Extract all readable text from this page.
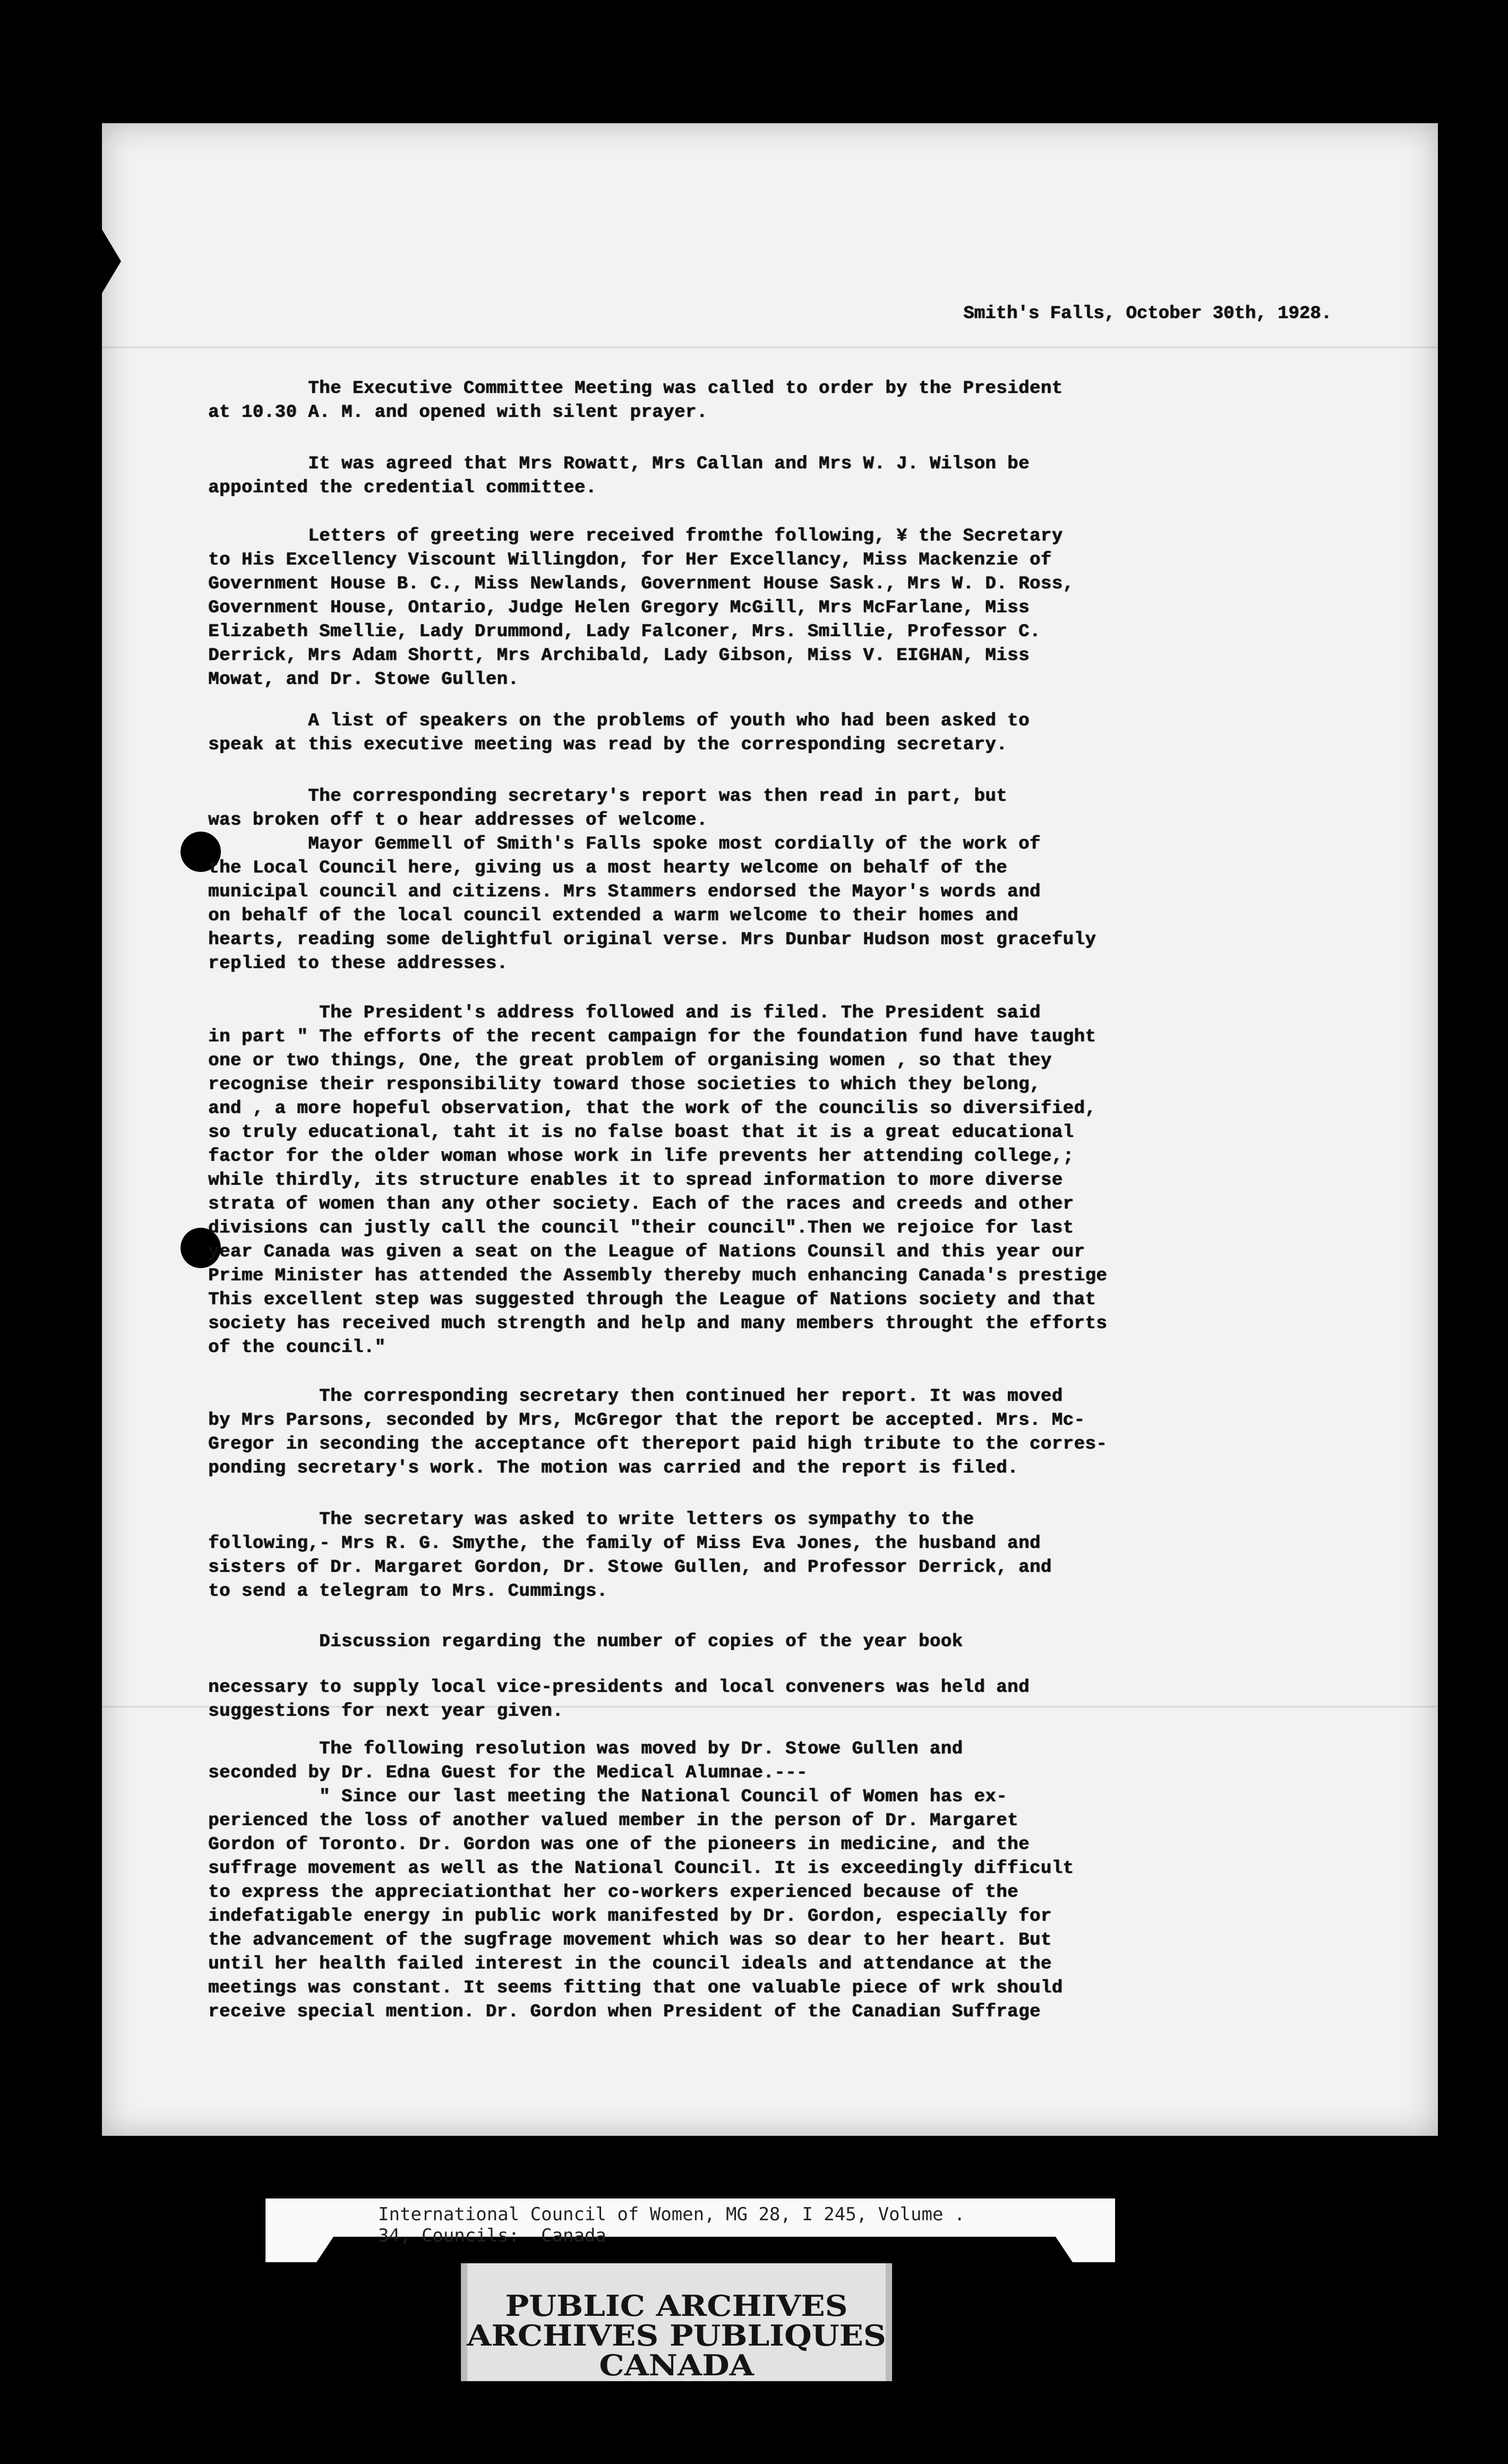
Smith's Falls, October 30th, 1928.
The Executive Committee Meeting was called to order by the President
at 10.30 A. M. and opened with silent prayer.
It was agreed that Mrs Rowatt, Mrs Callan and Mrs W. J. Wilson be
appointed the credential committee.
Letters of greeting were received fromthe following, ¥ the Secretary
to His Excellency Viscount Willingdon, for Her Excellancy, Miss Mackenzie of
Government House B. C., Miss Newlands, Government House Sask., Mrs W. D. Ross,
Government House, Ontario, Judge Helen Gregory McGill, Mrs McFarlane, Miss
Elizabeth Smellie, Lady Drummond, Lady Falconer, Mrs. Smillie, Professor C.
Derrick, Mrs Adam Shortt, Mrs Archibald, Lady Gibson, Miss V. EIGHAN, Miss
Mowat, and Dr. Stowe Gullen.
A list of speakers on the problems of youth who had been asked to
speak at this executive meeting was read by the corresponding secretary.
The corresponding secretary's report was then read in part, but
was broken off t o hear addresses of welcome.
Mayor Gemmell of Smith's Falls spoke most cordially of the work of
the Local Council here, giving us a most hearty welcome on behalf of the
municipal council and citizens. Mrs Stammers endorsed the Mayor's words and
on behalf of the local council extended a warm welcome to their homes and
hearts, reading some delightful original verse. Mrs Dunbar Hudson most gracefuly
replied to these addresses.
The President's address followed and is filed. The President said
in part " The efforts of the recent campaign for the foundation fund have taught
one or two things, One, the great problem of organising women , so that they
recognise their responsibility toward those societies to which they belong,
and , a more hopeful observation, that the work of the councilis so diversified,
so truly educational, taht it is no false boast that it is a great educational
factor for the older woman whose work in life prevents her attending college,;
while thirdly, its structure enables it to spread information to more diverse
strata of women than any other society. Each of the races and creeds and other
divisions can justly call the council "their council".Then we rejoice for last
year Canada was given a seat on the League of Nations Counsil and this year our
Prime Minister has attended the Assembly thereby much enhancing Canada's prestige
This excellent step was suggested through the League of Nations society and that
society has received much strength and help and many members throught the efforts
of the council."
The corresponding secretary then continued her report. It was moved
by Mrs Parsons, seconded by Mrs, McGregor that the report be accepted. Mrs. Mc-
Gregor in seconding the acceptance oft thereport paid high tribute to the corres-
ponding secretary's work. The motion was carried and the report is filed.
The secretary was asked to write letters os sympathy to the
following,- Mrs R. G. Smythe, the family of Miss Eva Jones, the husband and
sisters of Dr. Margaret Gordon, Dr. Stowe Gullen, and Professor Derrick, and
to send a telegram to Mrs. Cummings.
Discussion regarding the number of copies of the year book
necessary to supply local vice-presidents and local conveners was held and
suggestions for next year given.
The following resolution was moved by Dr. Stowe Gullen and
seconded by Dr. Edna Guest for the Medical Alumnae.---
" Since our last meeting the National Council of Women has ex-
perienced the loss of another valued member in the person of Dr. Margaret
Gordon of Toronto. Dr. Gordon was one of the pioneers in medicine, and the
suffrage movement as well as the National Council. It is exceedingly difficult
to express the appreciationthat her co-workers experienced because of the
indefatigable energy in public work manifested by Dr. Gordon, especially for
the advancement of the sugfrage movement which was so dear to her heart. But
until her health failed interest in the council ideals and attendance at the
meetings was constant. It seems fitting that one valuable piece of wrk should
receive special mention. Dr. Gordon when President of the Canadian Suffrage
International Council of Women, MG 28, I 245, Volume .
34, Councils:  Canada
PUBLIC ARCHIVES
ARCHIVES PUBLIQUES
CANADA
